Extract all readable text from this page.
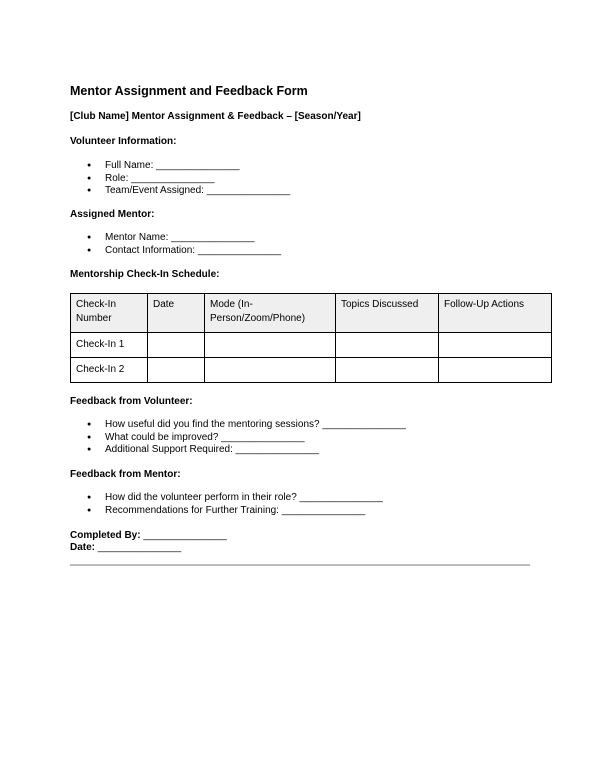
Mentor Assignment and Feedback Form
[Club Name] Mentor Assignment & Feedback – [Season/Year]
Volunteer Information:
● Full Name: _______________
● Role: _______________
● Team/Event Assigned: _______________
Assigned Mentor:
● Mentor Name: _______________
● Contact Information: _______________
Mentorship Check-In Schedule:
Check-In Number	Date	Mode (In-Person/Zoom/Phone)	Topics Discussed	Follow-Up Actions
Check-In 1				
Check-In 2				
Feedback from Volunteer:
● How useful did you find the mentoring sessions? _______________
● What could be improved? _______________
● Additional Support Required: _______________
Feedback from Mentor:
● How did the volunteer perform in their role? _______________
● Recommendations for Further Training: _______________
Completed By: _______________
Date: _______________
